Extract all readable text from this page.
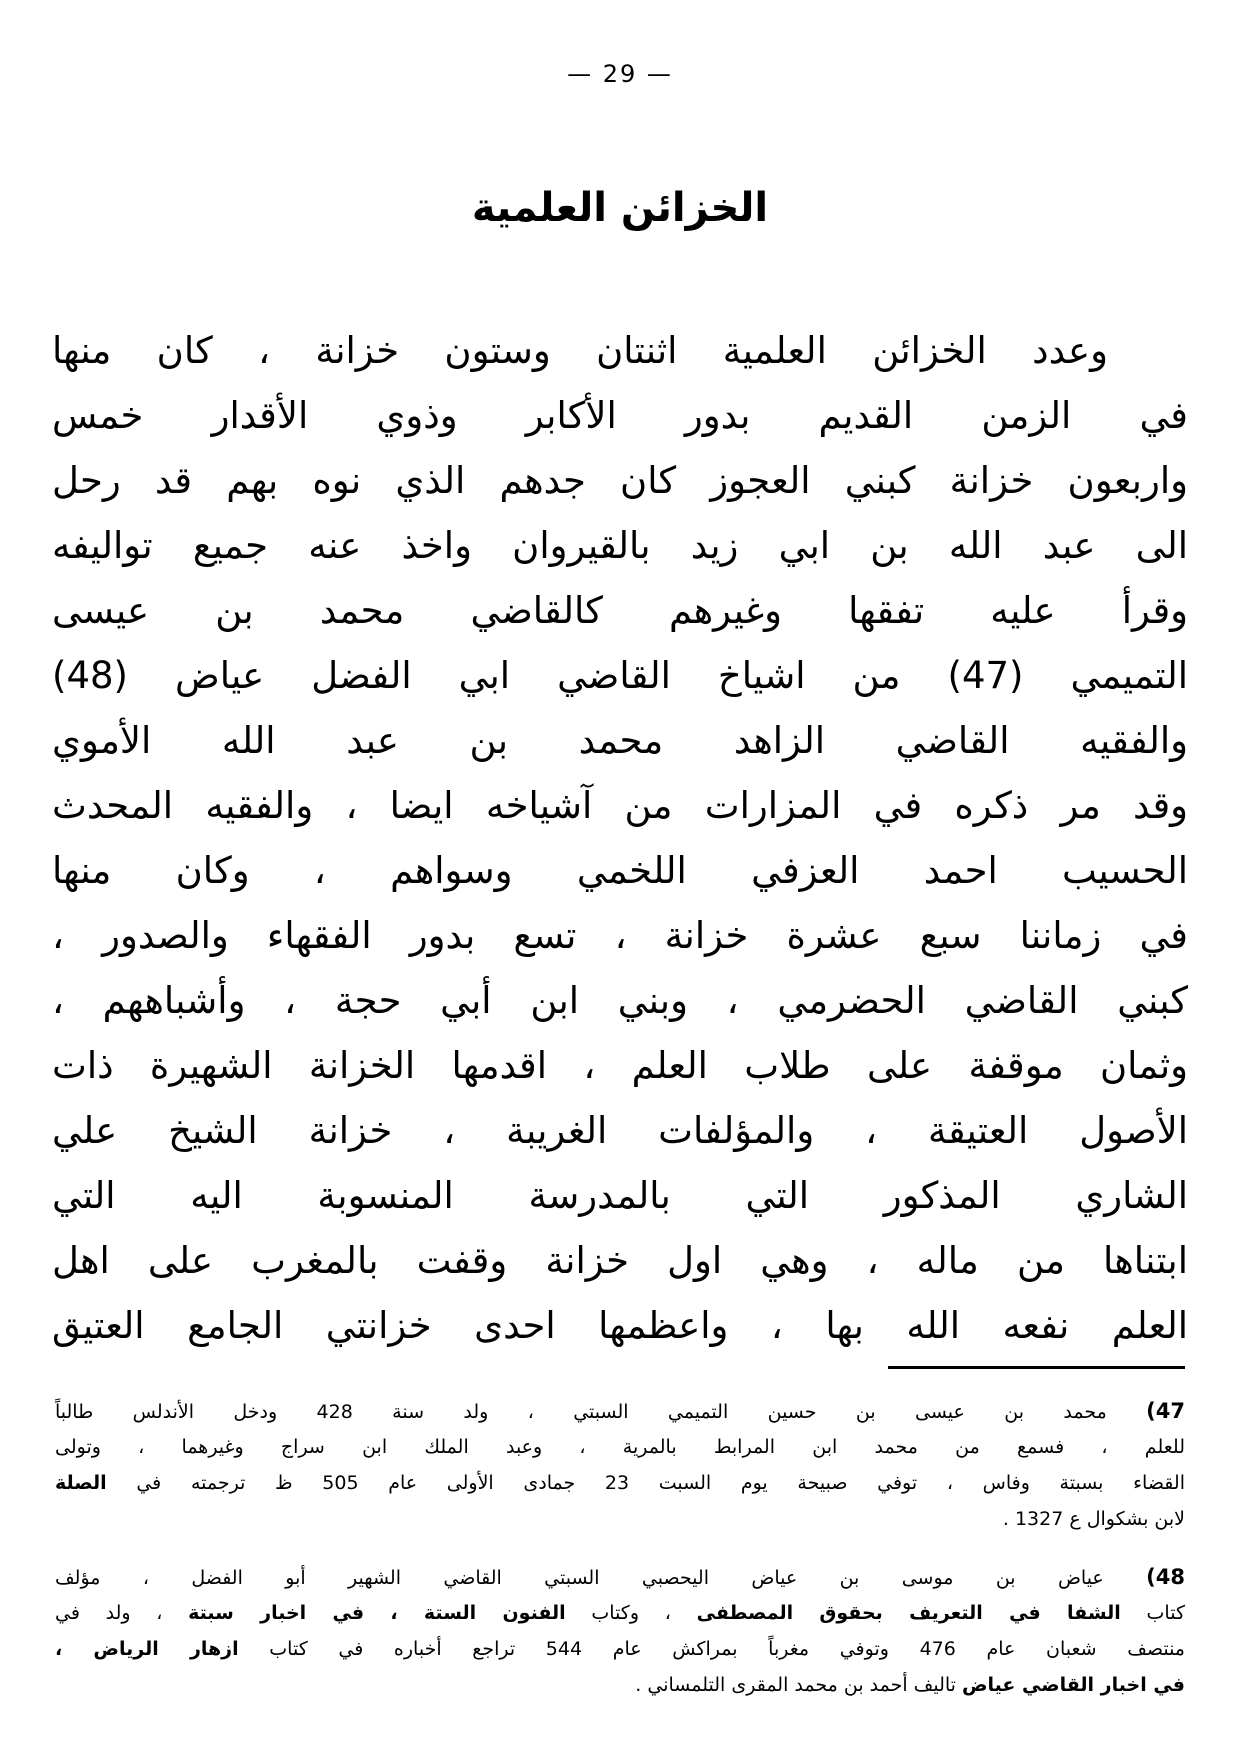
— 29 —
الخزائن العلمية
وعدد الخزائن العلمية اثنتان وستون خزانة ، كان منها
في الزمن القديم بدور الأكابر وذوي الأقدار خمس
واربعون خزانة كبني العجوز كان جدهم الذي نوه بهم قد رحل
الى عبد الله بن ابي زيد بالقيروان واخذ عنه جميع تواليفه
وقرأ عليه تفقها وغيرهم كالقاضي محمد بن عيسى
التميمي (47) من اشياخ القاضي ابي الفضل عياض (48)
والفقيه القاضي الزاهد محمد بن عبد الله الأموي
وقد مر ذكره في المزارات من آشياخه ايضا ، والفقيه المحدث
الحسيب احمد العزفي اللخمي وسواهم ، وكان منها
في زماننا سبع عشرة خزانة ، تسع بدور الفقهاء والصدور ،
كبني القاضي الحضرمي ، وبني ابن أبي حجة ، وأشباههم ،
وثمان موقفة على طلاب العلم ، اقدمها الخزانة الشهيرة ذات
الأصول العتيقة ، والمؤلفات الغريبة ، خزانة الشيخ علي
الشاري المذكور التي بالمدرسة المنسوبة اليه التي
ابتناها من ماله ، وهي اول خزانة وقفت بالمغرب على اهل
العلم نفعه الله بها ، واعظمها احدى خزانتي الجامع العتيق
47) محمد بن عيسى بن حسين التميمي السبتي ، ولد سنة 428 ودخل الأندلس طالباً
للعلم ، فسمع من محمد ابن المرابط بالمرية ، وعبد الملك ابن سراج وغيرهما ، وتولى
القضاء بسبتة وفاس ، توفي صبيحة يوم السبت 23 جمادى الأولى عام 505 ظ ترجمته في الصلة
لابن بشكوال ع 1327 .
48) عياض بن موسى بن عياض اليحصبي السبتي القاضي الشهير أبو الفضل ، مؤلف
كتاب الشفا في التعريف بحقوق المصطفى ، وكتاب الفنون الستة ، في اخبار سبتة ، ولد في
منتصف شعبان عام 476 وتوفي مغرباً بمراكش عام 544 تراجع أخباره في كتاب ازهار الرياض ،
في اخبار القاضي عياض تاليف أحمد بن محمد المقرى التلمساني .
